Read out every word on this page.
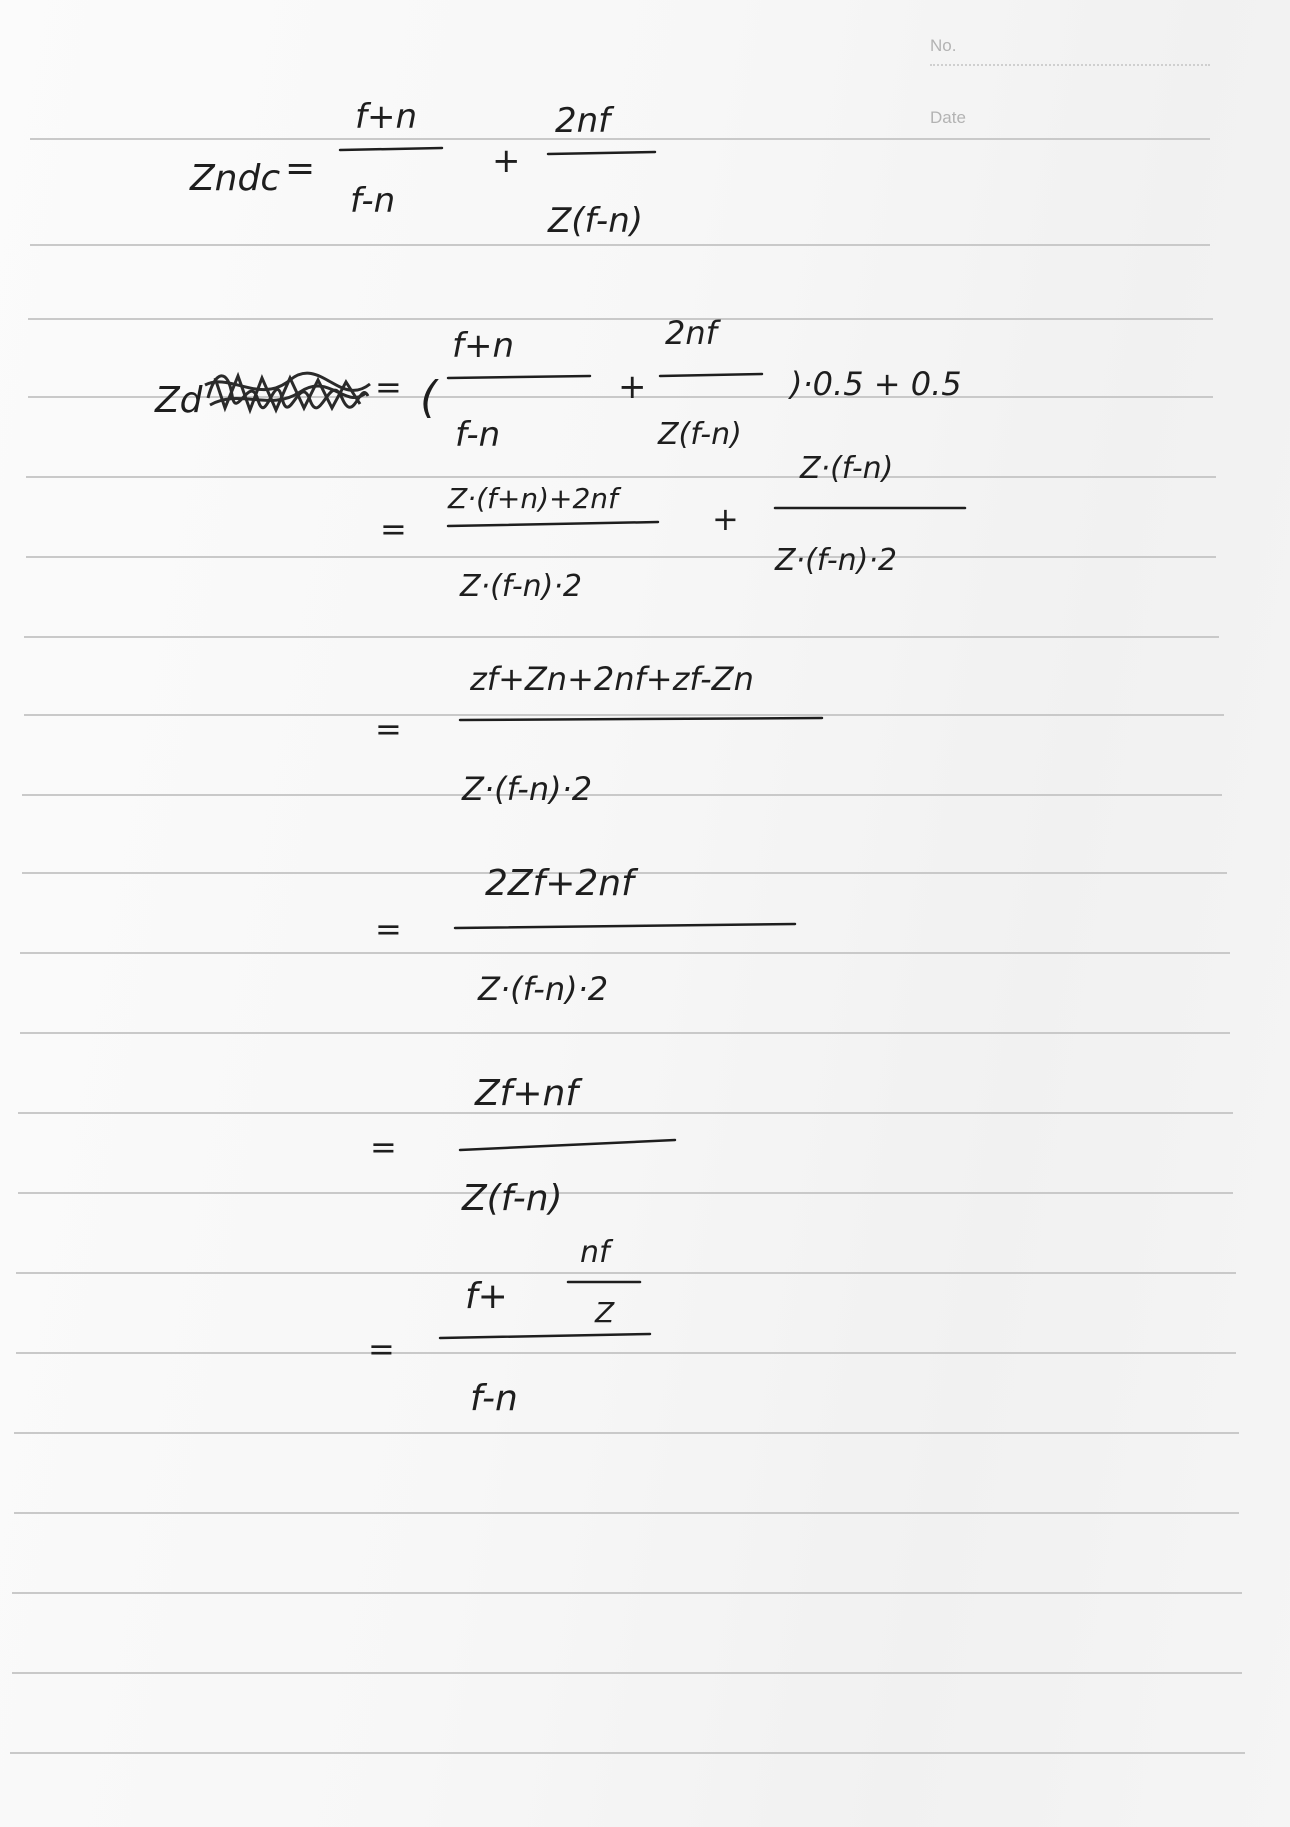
No.
Date
Zndc =
f+n
f-n
+
2nf
Z(f-n)
Zd	= (
f+n
f-n
+
2nf
Z(f-n)
)·0.5 + 0.5
=
Z·(f+n)+2nf
Z·(f-n)·2
+
Z·(f-n)
Z·(f-n)·2
=
zf+Zn+2nf+zf-Zn
Z·(f-n)·2
=
2Zf+2nf
Z·(f-n)·2
=
Zf+nf
Z(f-n)
=
f+
nf
Z
f-n
